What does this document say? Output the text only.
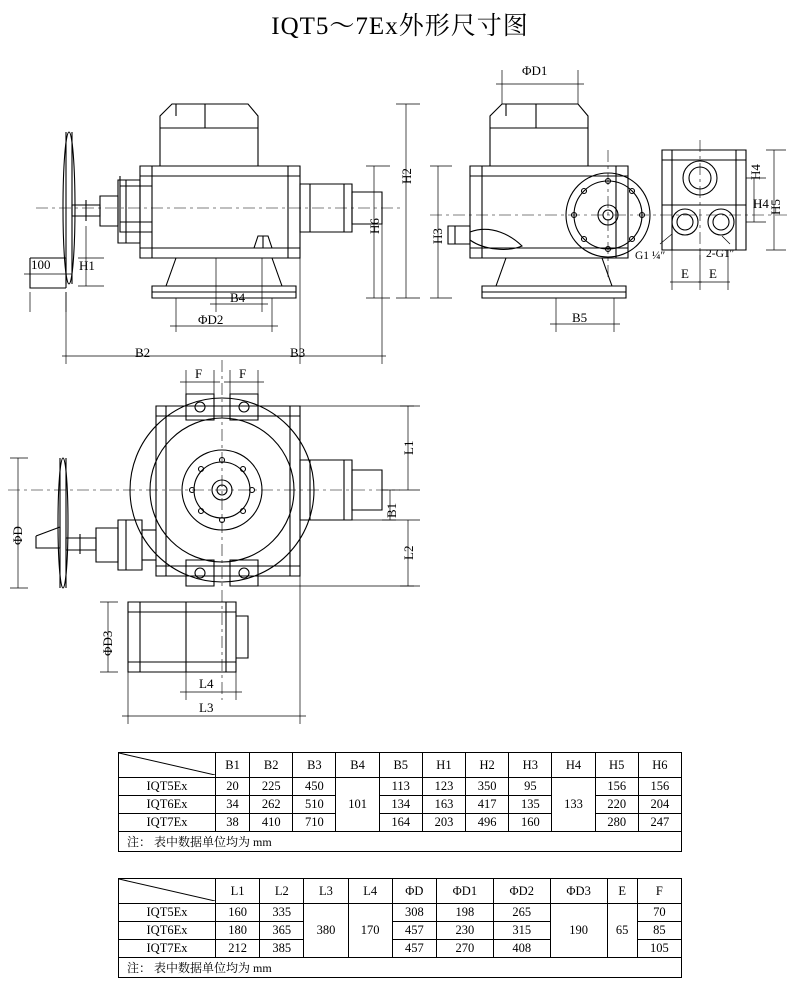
IQT5～7Ex外形尺寸图
100 H1
H2
H6
B4
ΦD2
B2	B3
ΦD1
H3
H4
H4 H5
G1 ¼″	2-G1″
E E
B5
F	F
L1
B1
L2
ΦD
ΦD3
L4
L3
	B1	B2	B3	B4	B5	H1	H2	H3	H4	H5	H6
IQT5Ex	20	225	450	101	113	123	350	95	133	156	156
IQT6Ex	34	262	510		134	163	417	135		220	204
IQT7Ex	38	410	710		164	203	496	160		280	247
注： 表中数据单位均为 mm											
	L1	L2	L3	L4	ΦD	ΦD1	ΦD2	ΦD3	E	F
IQT5Ex	160	335	380	170	308	198	265	190	65	70
IQT6Ex	180	365			457	230	315			85
IQT7Ex	212	385			457	270	408			105
注： 表中数据单位均为 mm										
